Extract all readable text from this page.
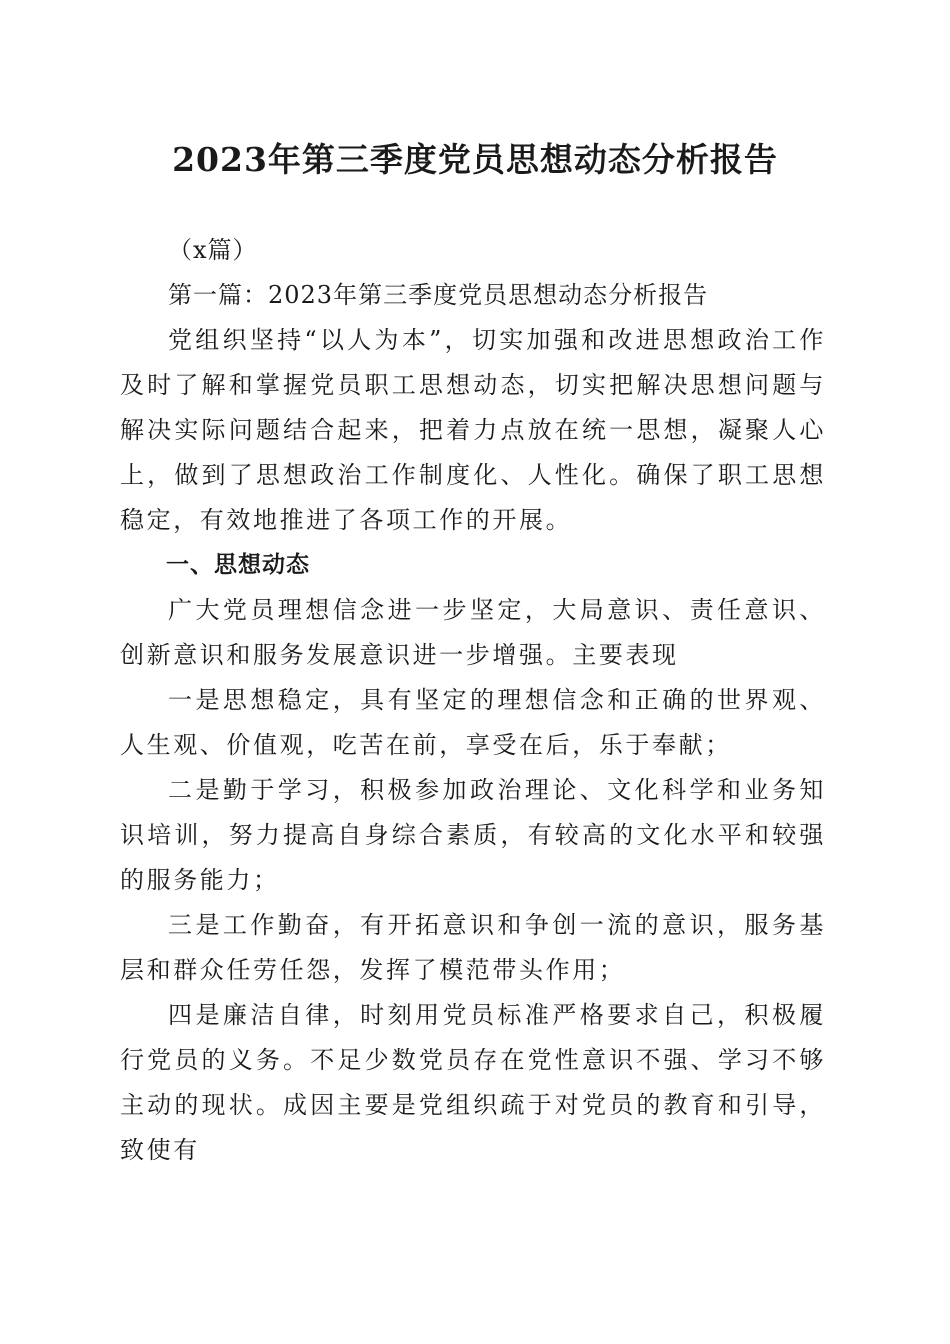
2023年第三季度党员思想动态分析报告

（x篇）

第一篇：2023年第三季度党员思想动态分析报告

党组织坚持“以人为本”，切实加强和改进思想政治工作及时了解和掌握党员职工思想动态，切实把解决思想问题与解决实际问题结合起来，把着力点放在统一思想，凝聚人心上，做到了思想政治工作制度化、人性化。确保了职工思想稳定，有效地推进了各项工作的开展。

一、思想动态

广大党员理想信念进一步坚定，大局意识、责任意识、创新意识和服务发展意识进一步增强。主要表现

一是思想稳定，具有坚定的理想信念和正确的世界观、人生观、价值观，吃苦在前，享受在后，乐于奉献；

二是勤于学习，积极参加政治理论、文化科学和业务知识培训，努力提高自身综合素质，有较高的文化水平和较强的服务能力；

三是工作勤奋，有开拓意识和争创一流的意识，服务基层和群众任劳任怨，发挥了模范带头作用；

四是廉洁自律，时刻用党员标准严格要求自己，积极履行党员的义务。不足少数党员存在党性意识不强、学习不够主动的现状。成因主要是党组织疏于对党员的教育和引导，致使有
